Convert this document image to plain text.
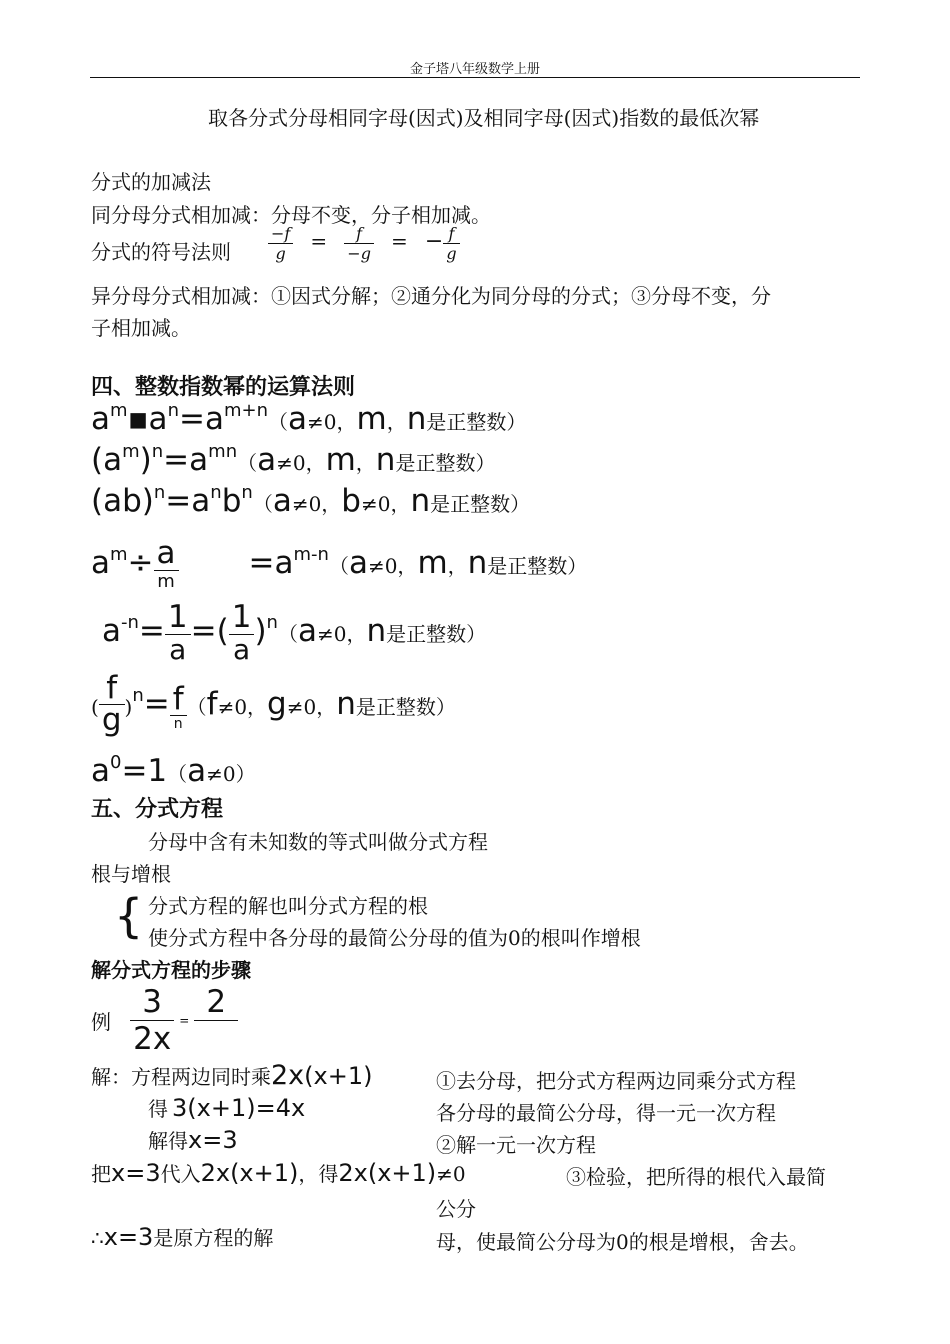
金子塔八年级数学上册
取各分式分母相同字母(因式)及相同字母(因式)指数的最低次幂
分式的加减法
同分母分式相加减：分母不变，分子相加减。
分式的符号法则 $\frac{-f}{g} = \frac{f}{-g}$ = − $\frac{f}{g}$
异分母分式相加减：①因式分解；②通分化为同分母的分式；③分母不变，分
子相加减。
四、整数指数幂的运算法则
am▪an=am+n（a≠0，m，n是正整数）
(am)n=amn（a≠0，m，n是正整数）
(ab)n=anbn（a≠0，b≠0，n是正整数）
$am\div \frac{a}{m} =am-n(a\ne 0$，m，n是正整数）
$a-n= \frac{1}{a}$ =( $\frac{1}{a} )n(a\ne 0$，n是正整数）
( $\frac{f}{g} )n= \frac{f}{n} (f\ne 0$，g≠0，n是正整数）
a0=1（a≠0）
五、分式方程
分母中含有未知数的等式叫做分式方程
根与增根
{ 分式方程的解也叫分式方程的根
使分式方程中各分母的最简公分母的值为0的根叫作增根
解分式方程的步骤
例 $\frac{3}{2x}$ =
2

解：方程两边同时乘2x(x+1)
得 3(x+1)=4x
解得x=3
把x=3代入2x(x+1)，得2x(x+1)≠0
∴x=3是原方程的解
①去分母，把分式方程两边同乘分式方程
各分母的最简公分母，得一元一次方程
②解一元一次方程
③检验，把所得的根代入最简
公分
母，使最简公分母为0的根是增根，舍去。
